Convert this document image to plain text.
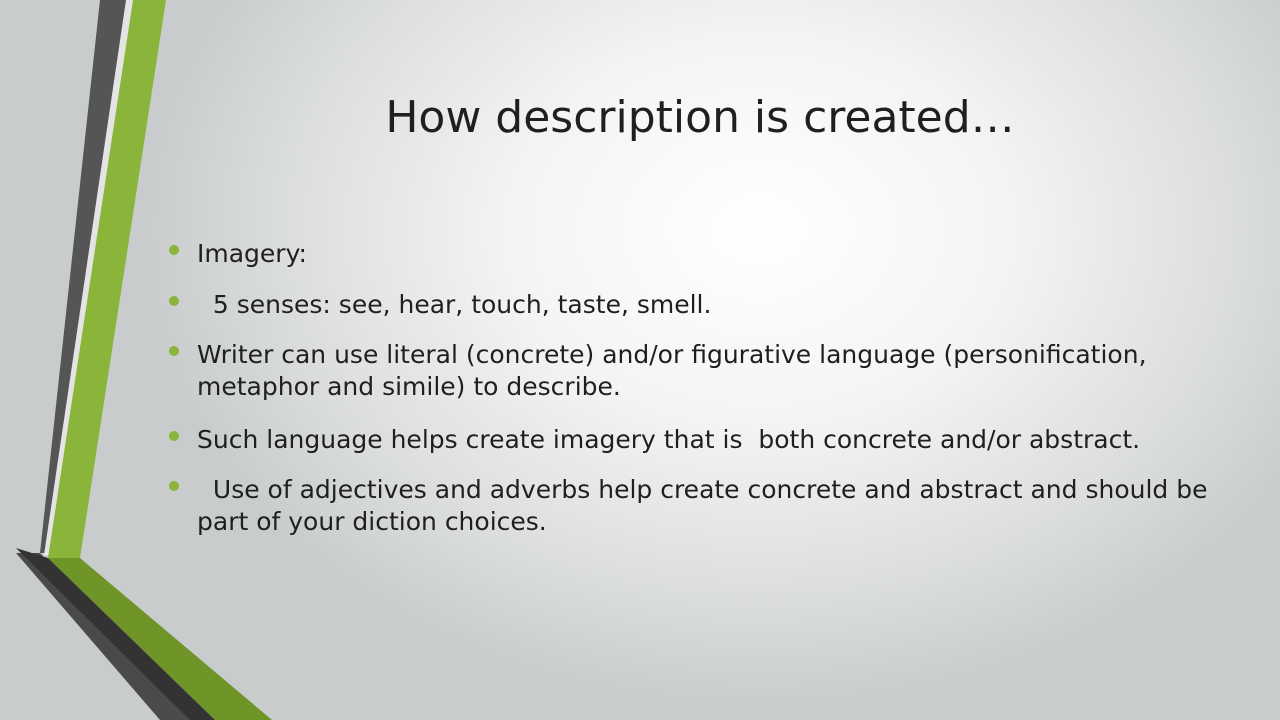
How description is created…
Imagery:
5 senses: see, hear, touch, taste, smell.
Writer can use literal (concrete) and/or figurative language (personification, metaphor and simile) to describe.
Such language helps create imagery that is  both concrete and/or abstract.
Use of adjectives and adverbs help create concrete and abstract and should be part of your diction choices.
